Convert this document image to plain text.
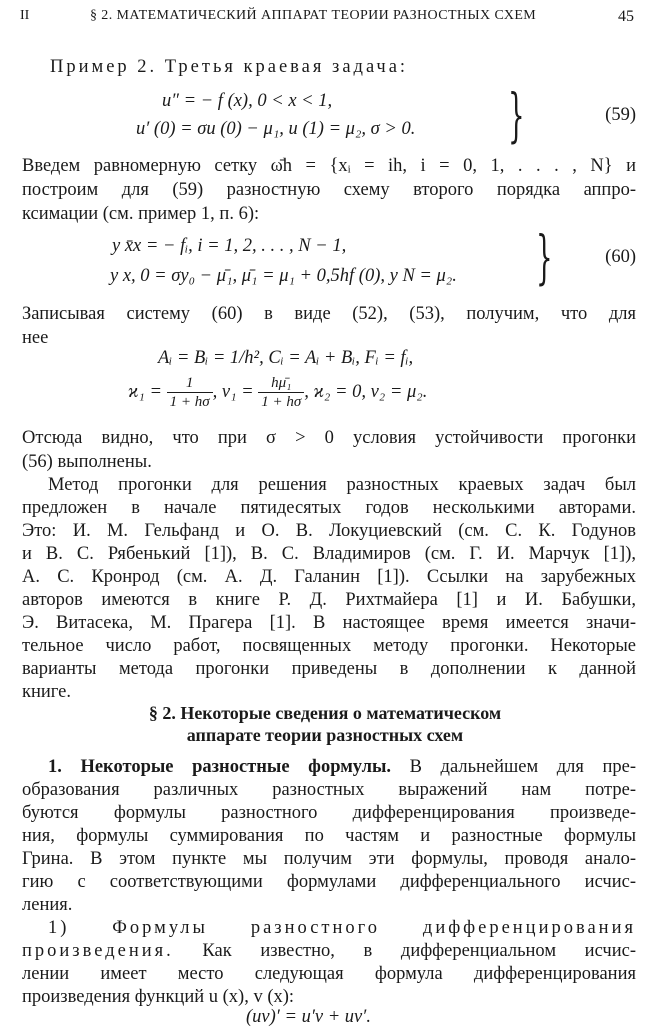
II	§ 2. МАТЕМАТИЧЕСКИЙ АППАРАТ ТЕОРИИ РАЗНОСТНЫХ СХЕМ	45
Пример 2. Третья краевая задача:
u″ = − f (x), 0 < x < 1,
u′ (0) = σu (0) − μ₁, u (1) = μ₂, σ > 0. }	(59)
Введем равномерную сетку ω̄h = {xᵢ = ih, i = 0, 1, . . . , N} и
построим для (59) разностную схему второго порядка аппро-
ксимации (см. пример 1, п. 6):
y x̄x = − fᵢ, i = 1, 2, . . . , N − 1,
y x, 0 = σy₀ − μ̄₁, μ̄₁ = μ₁ + 0,5hf (0), y N = μ₂. }	(60)
Записывая систему (60) в виде (52), (53), получим, что для
нее
Aᵢ = Bᵢ = 1/h², Cᵢ = Aᵢ + Bᵢ, Fᵢ = fᵢ,
$ϰ_1 = \frac{1}{1 + h\sigma}$ , $\nu_1 = \frac{\text{hμ̄₁}}{1 + h\sigma}$ , ϰ₂ = 0, ν₂ = μ₂.
Отсюда видно, что при σ > 0 условия устойчивости прогонки
(56) выполнены.
Метод прогонки для решения разностных краевых задач был
предложен в начале пятидесятых годов несколькими авторами.
Это: И. М. Гельфанд и О. В. Локуциевский (см. С. К. Годунов
и В. С. Рябенький [1]), В. С. Владимиров (см. Г. И. Марчук [1]),
А. С. Кронрод (см. А. Д. Галанин [1]). Ссылки на зарубежных
авторов имеются в книге Р. Д. Рихтмайера [1] и И. Бабушки,
Э. Витасека, М. Прагера [1]. В настоящее время имеется значи-
тельное число работ, посвященных методу прогонки. Некоторые
варианты метода прогонки приведены в дополнении к данной
книге.
§ 2. Некоторые сведения о математическом
аппарате теории разностных схем
1. Некоторые разностные формулы. В дальнейшем для пре-
образования различных разностных выражений нам потре-
буются формулы разностного дифференцирования произведе-
ния, формулы суммирования по частям и разностные формулы
Грина. В этом пункте мы получим эти формулы, проводя анало-
гию с соответствующими формулами дифференциального исчис-
ления.
1) Формулы разностного дифференцирования
произведения. Как известно, в дифференциальном исчис-
лении имеет место следующая формула дифференцирования
произведения функций u (x), v (x):
(uv)′ = u′v + uv′.
